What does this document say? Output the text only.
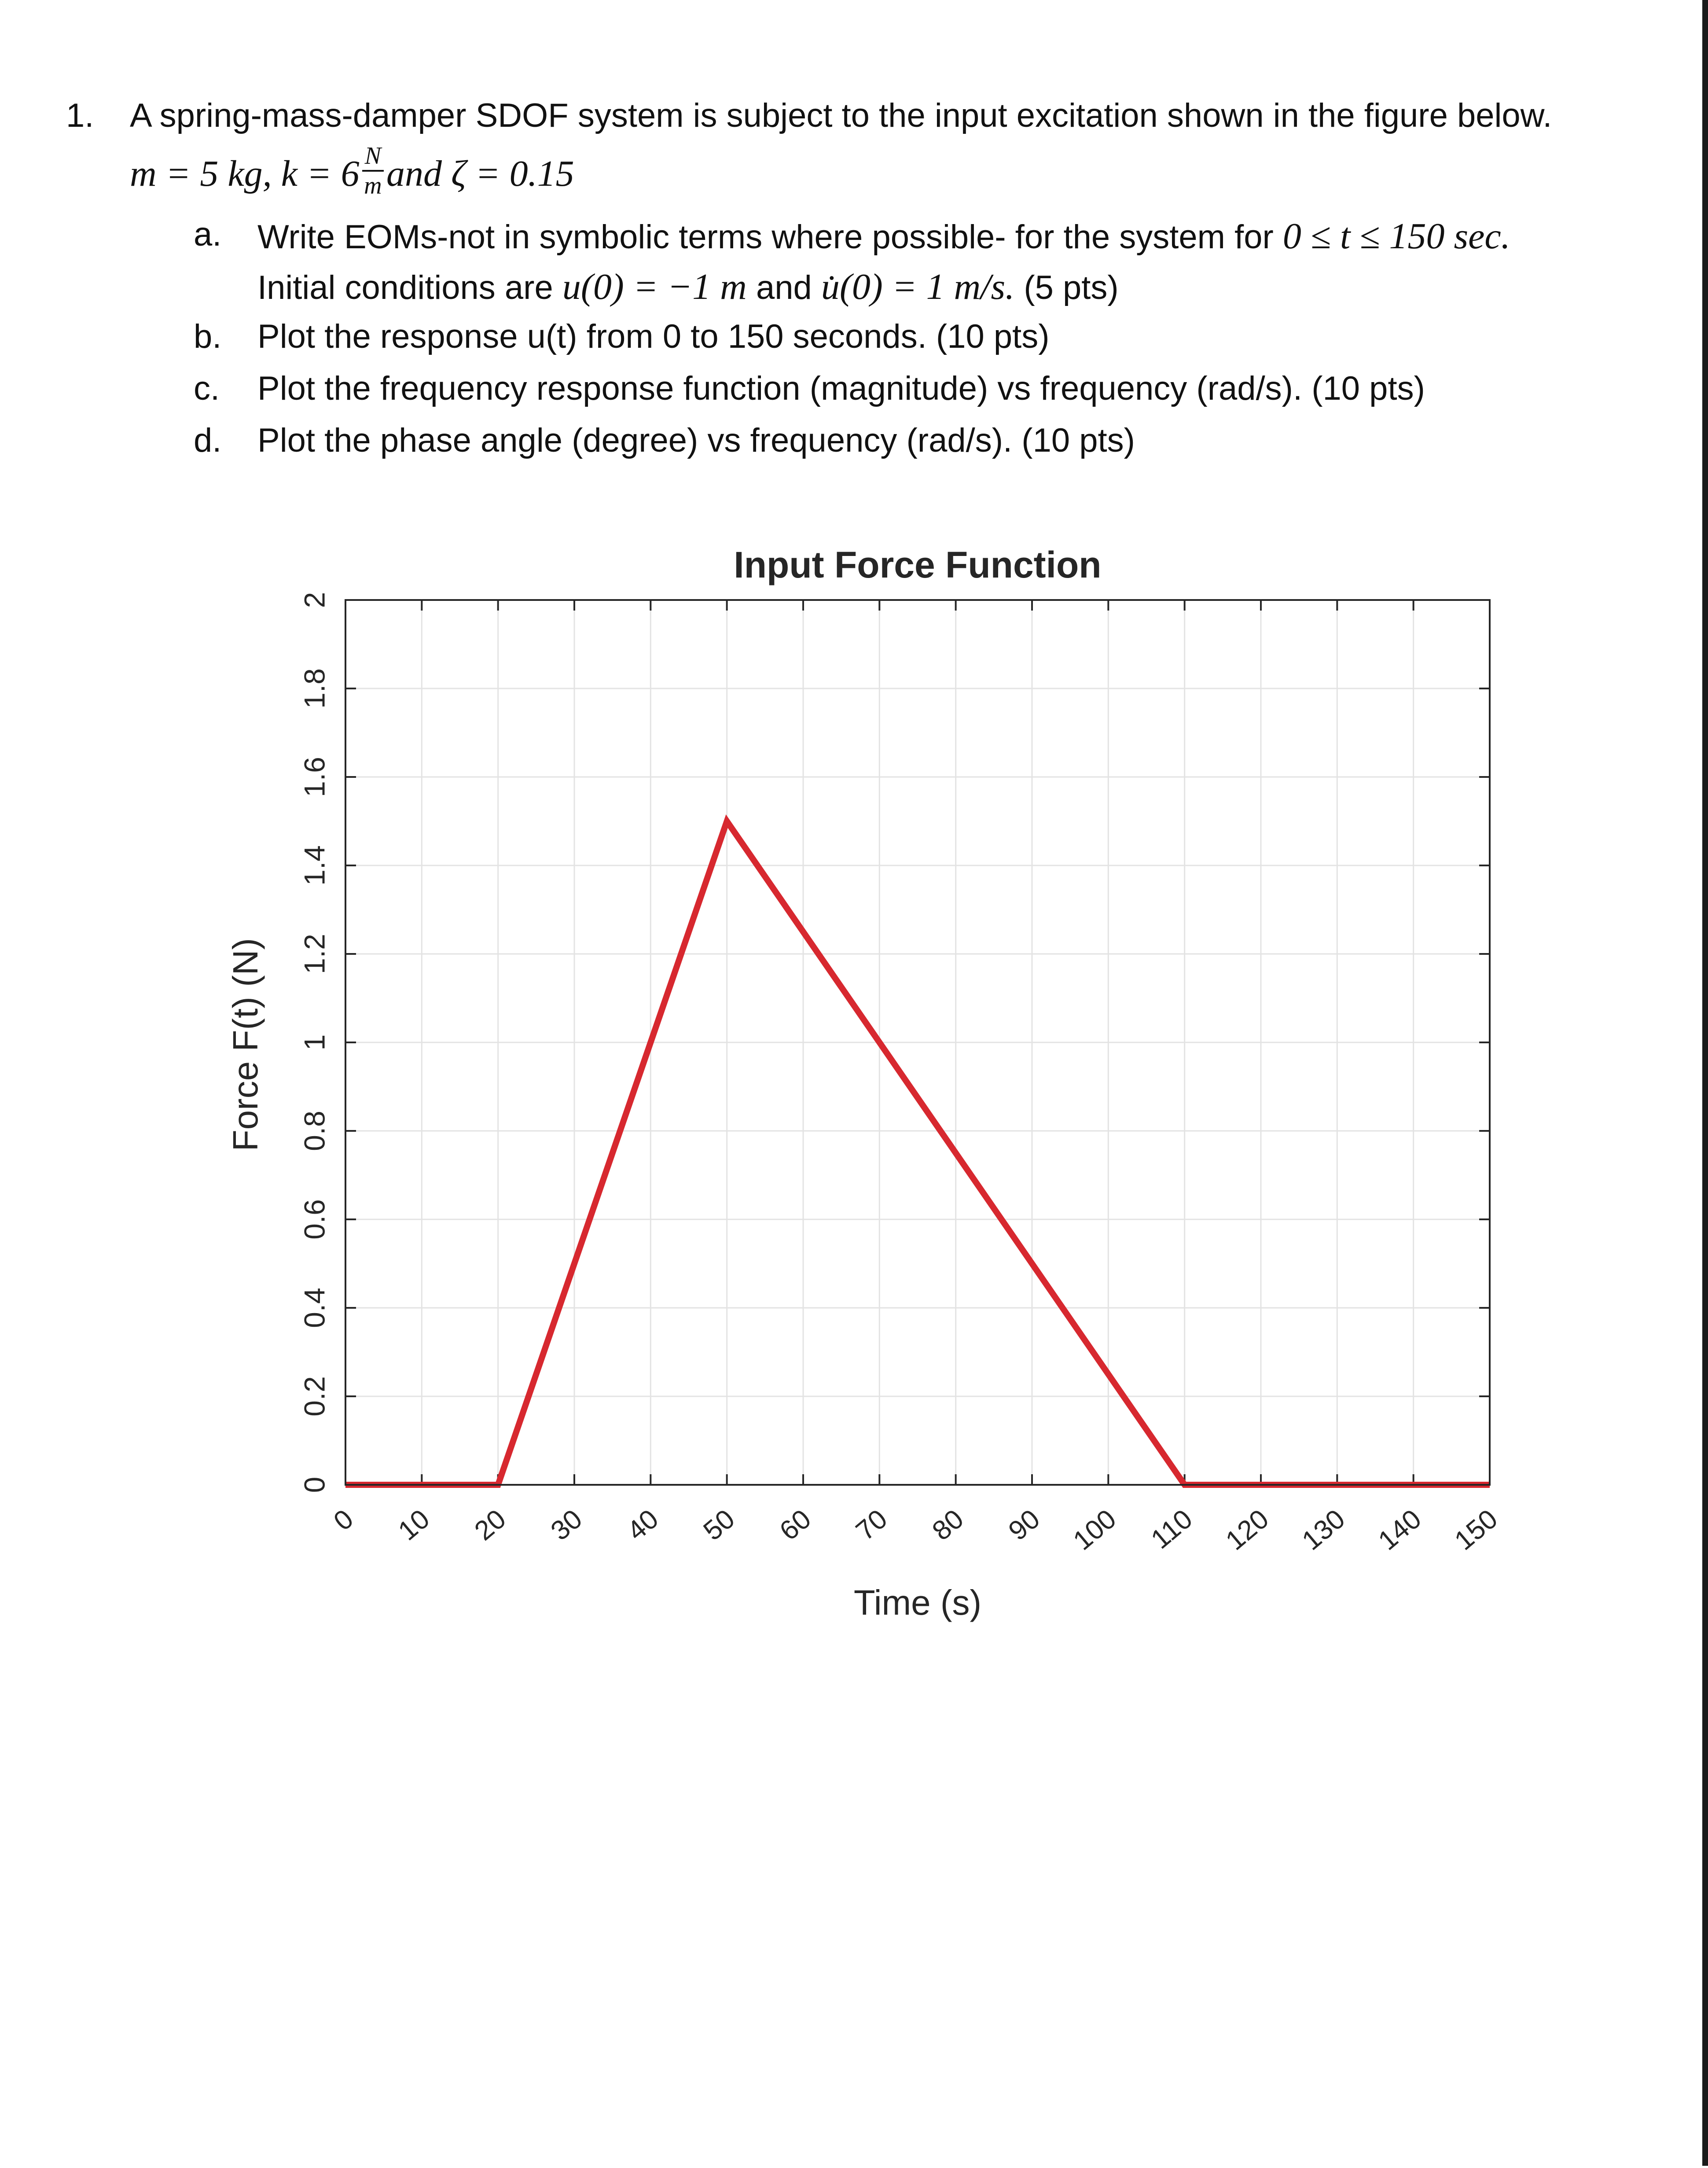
1. A spring-mass-damper SDOF system is subject to the input excitation shown in the figure below.
m = 5 kg, $k = 6 \frac{N}{m}$ and ζ = 0.15
a. Write EOMs-not in symbolic terms where possible- for the system for 0 ≤ t ≤ 150 sec.
Initial conditions are u(0) = −1 m and u̇(0) = 1 m/s. (5 pts)
b. Plot the response u(t) from 0 to 150 seconds. (10 pts)
c. Plot the frequency response function (magnitude) vs frequency (rad/s). (10 pts)
d. Plot the phase angle (degree) vs frequency (rad/s). (10 pts)
Input Force Function
Time (s)
Force F(t) (N)
0 10 20 30 40 50 60 70 80 90 100 110 120 130 140 150
0
0.2
0.4
0.6
0.8
1
1.2
1.4
1.6
1.8
2
